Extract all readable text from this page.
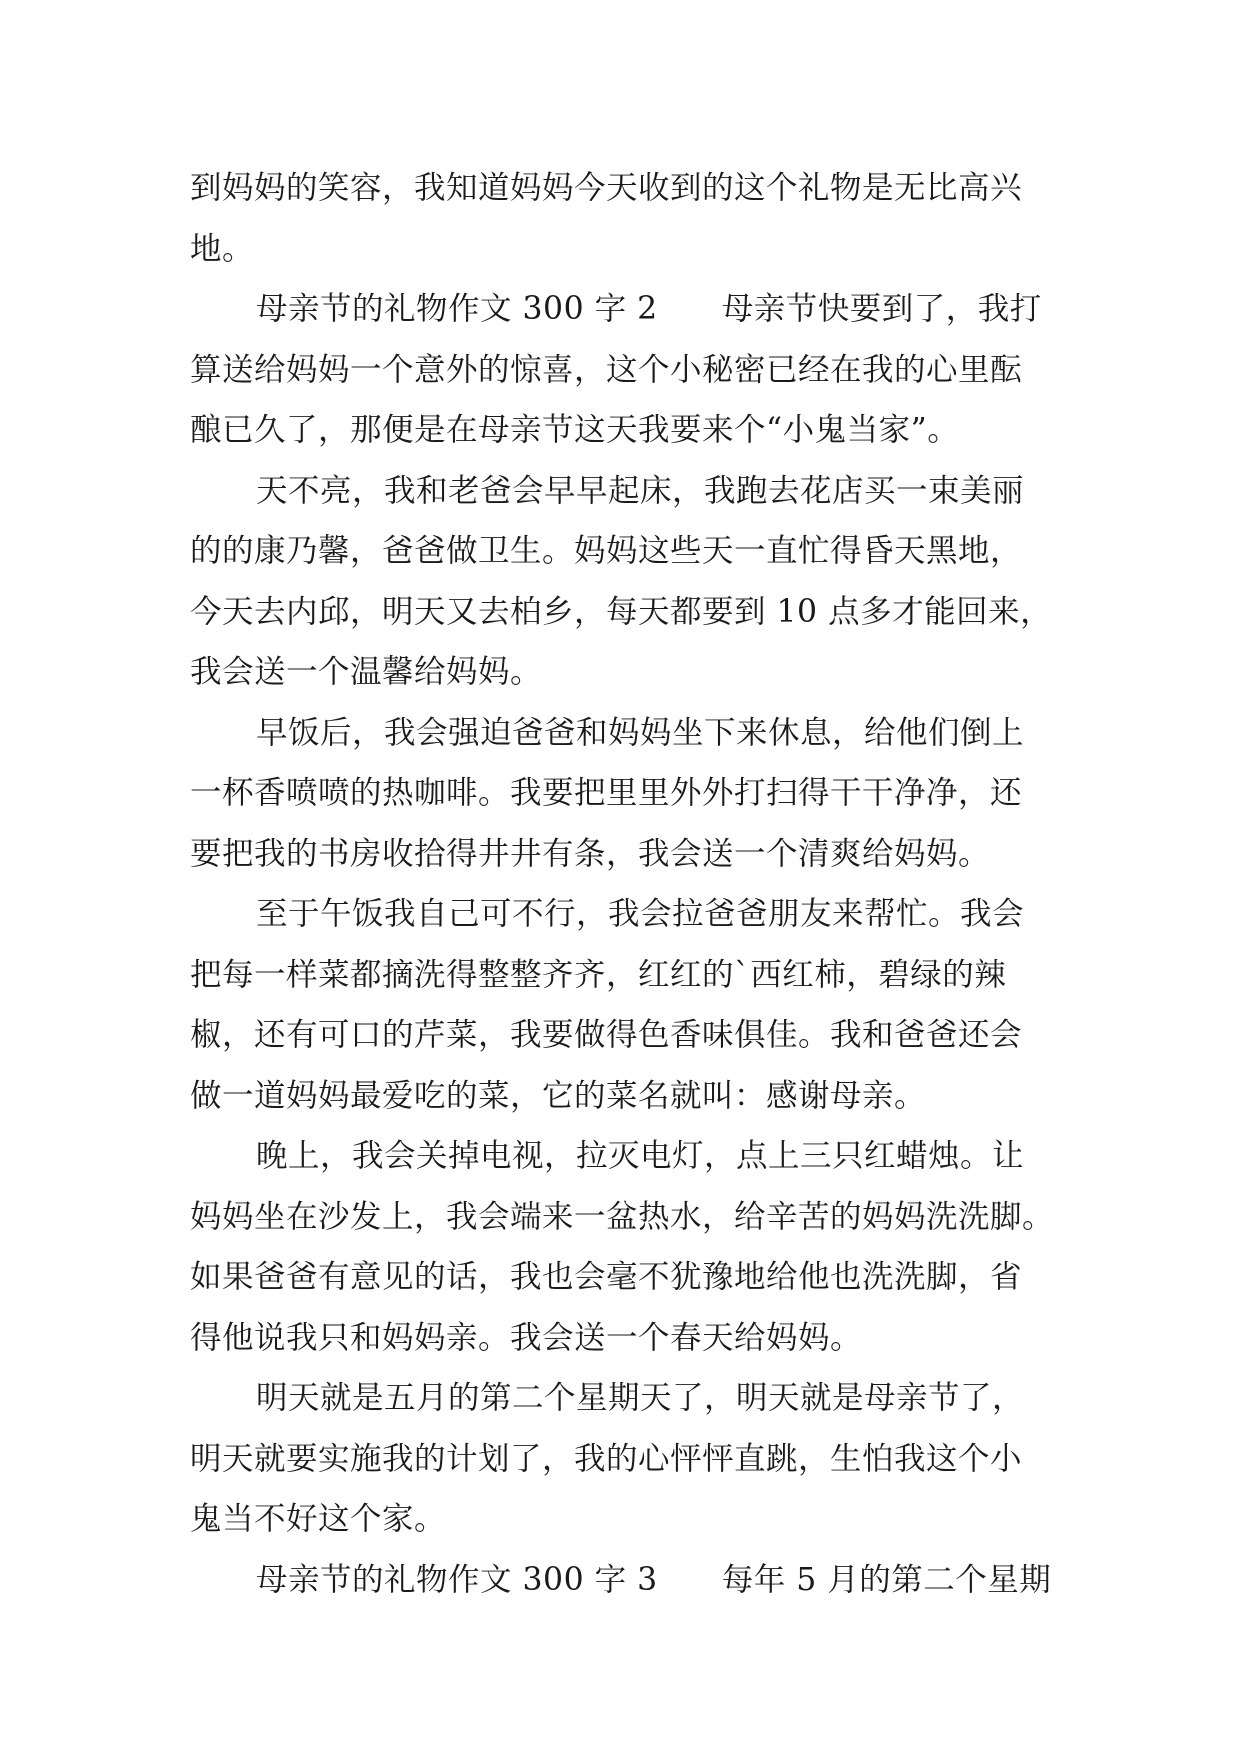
到妈妈的笑容，我知道妈妈今天收到的这个礼物是无比高兴
地。
母亲节的礼物作文 300 字 2　　母亲节快要到了，我打
算送给妈妈一个意外的惊喜，这个小秘密已经在我的心里酝
酿已久了，那便是在母亲节这天我要来个“小鬼当家”。
天不亮，我和老爸会早早起床，我跑去花店买一束美丽
的的康乃馨，爸爸做卫生。妈妈这些天一直忙得昏天黑地，
今天去内邱，明天又去柏乡，每天都要到 10 点多才能回来，
我会送一个温馨给妈妈。
早饭后，我会强迫爸爸和妈妈坐下来休息，给他们倒上
一杯香喷喷的热咖啡。我要把里里外外打扫得干干净净，还
要把我的书房收拾得井井有条，我会送一个清爽给妈妈。
至于午饭我自己可不行，我会拉爸爸朋友来帮忙。我会
把每一样菜都摘洗得整整齐齐，红红的`西红柿，碧绿的辣
椒，还有可口的芹菜，我要做得色香味俱佳。我和爸爸还会
做一道妈妈最爱吃的菜，它的菜名就叫：感谢母亲。
晚上，我会关掉电视，拉灭电灯，点上三只红蜡烛。让
妈妈坐在沙发上，我会端来一盆热水，给辛苦的妈妈洗洗脚。
如果爸爸有意见的话，我也会毫不犹豫地给他也洗洗脚，省
得他说我只和妈妈亲。我会送一个春天给妈妈。
明天就是五月的第二个星期天了，明天就是母亲节了，
明天就要实施我的计划了，我的心怦怦直跳，生怕我这个小
鬼当不好这个家。
母亲节的礼物作文 300 字 3　　每年 5 月的第二个星期
